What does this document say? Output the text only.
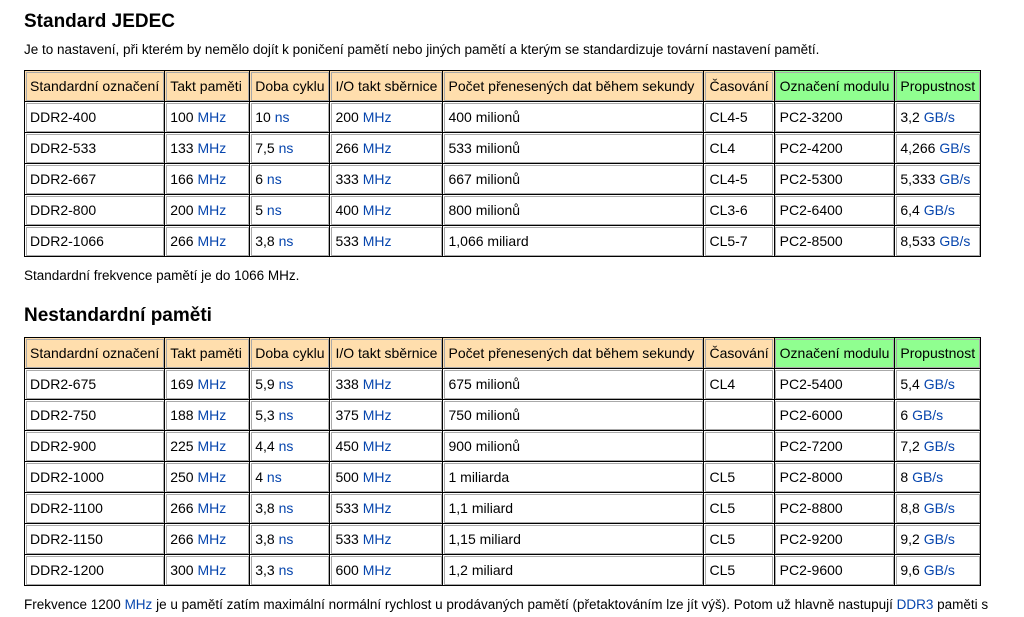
Standard JEDEC
Je to nastavení, při kterém by nemělo dojít k poničení pamětí nebo jiných pamětí a kterým se standardizuje tovární nastavení pamětí.
Standardní označení	Takt paměti	Doba cyklu	I/O takt sběrnice	Počet přenesených dat během sekundy	Časování	Označení modulu	Propustnost
DDR2-400	100 MHz	10 ns	200 MHz	400 milionů	CL4-5	PC2-3200	3,2 GB/s
DDR2-533	133 MHz	7,5 ns	266 MHz	533 milionů	CL4	PC2-4200	4,266 GB/s
DDR2-667	166 MHz	6 ns	333 MHz	667 milionů	CL4-5	PC2-5300	5,333 GB/s
DDR2-800	200 MHz	5 ns	400 MHz	800 milionů	CL3-6	PC2-6400	6,4 GB/s
DDR2-1066	266 MHz	3,8 ns	533 MHz	1,066 miliard	CL5-7	PC2-8500	8,533 GB/s
Standardní frekvence pamětí je do 1066 MHz.
Nestandardní paměti
Standardní označení	Takt paměti	Doba cyklu	I/O takt sběrnice	Počet přenesených dat během sekundy	Časování	Označení modulu	Propustnost
DDR2-675	169 MHz	5,9 ns	338 MHz	675 milionů	CL4	PC2-5400	5,4 GB/s
DDR2-750	188 MHz	5,3 ns	375 MHz	750 milionů		PC2-6000	6 GB/s
DDR2-900	225 MHz	4,4 ns	450 MHz	900 milionů		PC2-7200	7,2 GB/s
DDR2-1000	250 MHz	4 ns	500 MHz	1 miliarda	CL5	PC2-8000	8 GB/s
DDR2-1100	266 MHz	3,8 ns	533 MHz	1,1 miliard	CL5	PC2-8800	8,8 GB/s
DDR2-1150	266 MHz	3,8 ns	533 MHz	1,15 miliard	CL5	PC2-9200	9,2 GB/s
DDR2-1200	300 MHz	3,3 ns	600 MHz	1,2 miliard	CL5	PC2-9600	9,6 GB/s
Frekvence 1200 MHz je u pamětí zatím maximální normální rychlost u prodávaných pamětí (přetaktováním lze jít výš). Potom už hlavně nastupují DDR3 paměti s
